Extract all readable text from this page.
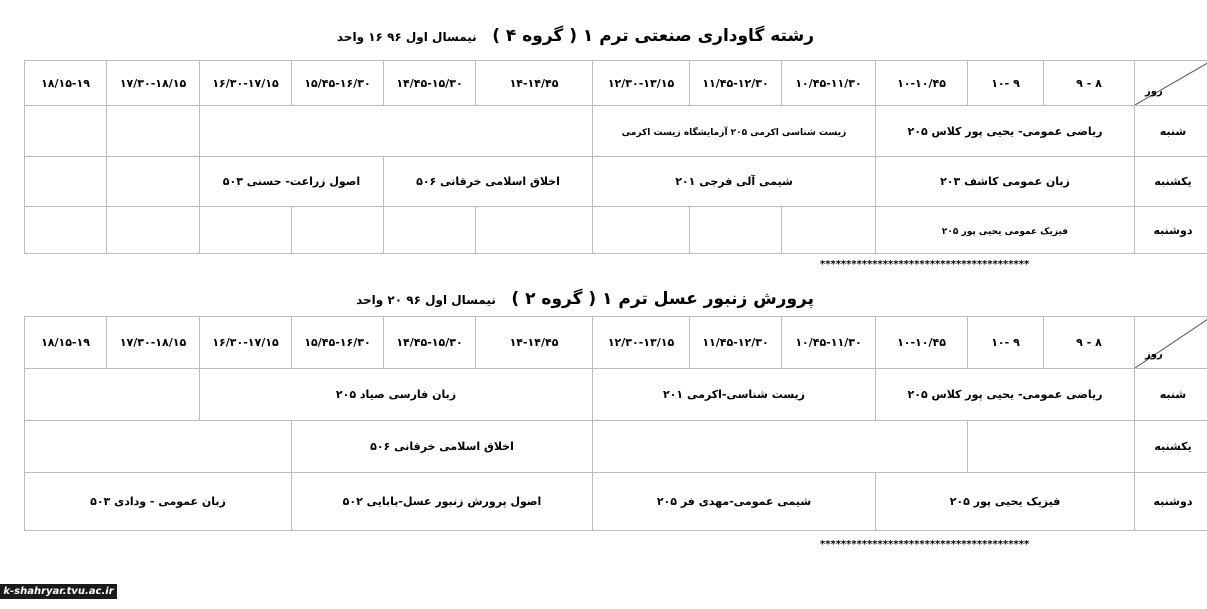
رشته گاوداری صنعتی ترم ۱ ( گروه ۴ ) نیمسال اول ۹۶ ۱۶ واحد
روز	۸ - ۹	۹ -۱۰	۱۰-۱۰/۴۵	۱۰/۴۵-۱۱/۳۰	۱۱/۴۵-۱۲/۳۰	۱۲/۳۰-۱۳/۱۵	۱۴-۱۴/۴۵	۱۴/۴۵-۱۵/۳۰	۱۵/۴۵-۱۶/۳۰	۱۶/۳۰-۱۷/۱۵	۱۷/۳۰-۱۸/۱۵	۱۸/۱۵-۱۹
شنبه	ریاضی عمومی- یحیی پور کلاس ۲۰۵			زیست شناسی اکرمی ۲۰۵ آزمایشگاه زیست اکرمی								
یکشنبه	زبان عمومی کاشف ۲۰۳			شیمی آلی فرجی ۲۰۱			اخلاق اسلامی خرقانی ۵۰۶		اصول زراعت- حسنی ۵۰۳			
دوشنبه	فیزیک عمومی یحیی پور ۲۰۵											
****************************************
پرورش زنبور عسل ترم ۱ ( گروه ۲ ) نیمسال اول ۹۶ ۲۰ واحد
روز	۸ - ۹	۹ -۱۰	۱۰-۱۰/۴۵	۱۰/۴۵-۱۱/۳۰	۱۱/۴۵-۱۲/۳۰	۱۲/۳۰-۱۳/۱۵	۱۴-۱۴/۴۵	۱۴/۴۵-۱۵/۳۰	۱۵/۴۵-۱۶/۳۰	۱۶/۳۰-۱۷/۱۵	۱۷/۳۰-۱۸/۱۵	۱۸/۱۵-۱۹
شنبه	ریاضی عمومی- یحیی پور کلاس ۲۰۵			زیست شناسی-اکرمی ۲۰۱			زبان فارسی صیاد ۲۰۵					
یکشنبه							اخلاق اسلامی خرقانی ۵۰۶					
دوشنبه	فیزیک یحیی پور ۲۰۵			شیمی عمومی-مهدی فر ۲۰۵			اصول پرورش زنبور عسل-بابایی ۵۰۲			زبان عمومی - ودادی ۵۰۳		
****************************************
k-shahryar.tvu.ac.ir
